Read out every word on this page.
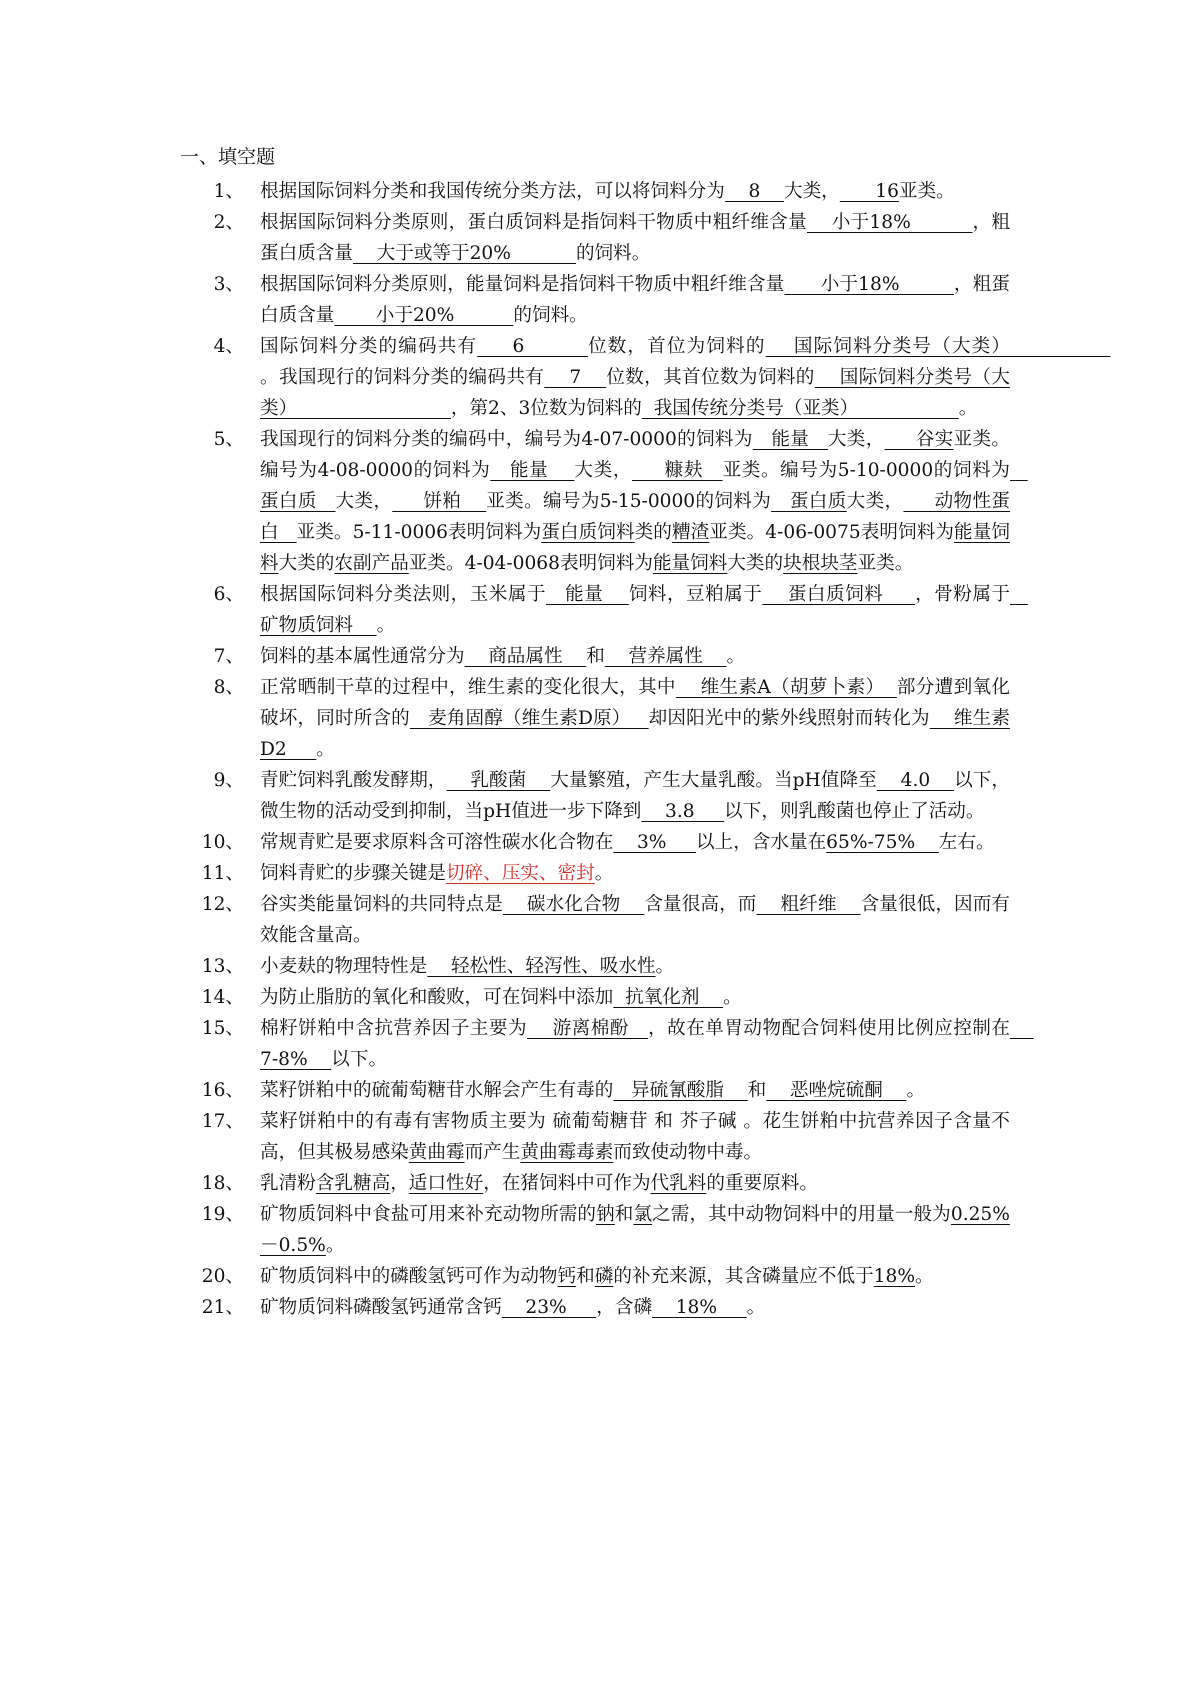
一、填空题
1、 根据国际饲料分类和我国传统分类方法，可以将饲料分为    8    大类，      16亚类。
2、 根据国际饲料分类原则，蛋白质饲料是指饲料干物质中粗纤维含量    小于18%          ，粗蛋白质含量    大于或等于20%           的饲料。
3、 根据国际饲料分类原则，能量饲料是指饲料干物质中粗纤维含量      小于18%         ，粗蛋白质含量       小于20%          的饲料。
4、 国际饲料分类的编码共有     6         位数，首位为饲料的    国际饲料分类号（大类）                 。我国现行的饲料分类的编码共有    7    位数，其首位数为饲料的    国际饲料分类号（大类）                          ，第2、3位数为饲料的  我国传统分类号（亚类）                 。
5、 我国现行的饲料分类的编码中，编号为4-07-0000的饲料为   能量   大类，     谷实亚类。编号为4-08-0000的饲料为   能量    大类，     糠麸   亚类。编号为5-10-0000的饲料为   蛋白质   大类，     饼粕    亚类。编号为5-15-0000的饲料为   蛋白质大类，     动物性蛋白   亚类。5-11-0006表明饲料为蛋白质饲料类的糟渣亚类。4-06-0075表明饲料为能量饲料大类的农副产品亚类。4-04-0068表明饲料为能量饲料大类的块根块茎亚类。
6、 根据国际饲料分类法则，玉米属于   能量    饲料，豆粕属于    蛋白质饲料     ，骨粉属于   矿物质饲料    。
7、 饲料的基本属性通常分为    商品属性    和    营养属性    。
8、 正常晒制干草的过程中，维生素的变化很大，其中    维生素A（胡萝卜素）  部分遭到氧化破坏，同时所含的   麦角固醇（维生素D原）   却因阳光中的紫外线照射而转化为    维生素D2     。
9、 青贮饲料乳酸发酵期，    乳酸菌    大量繁殖，产生大量乳酸。当pH值降至    4.0    以下，微生物的活动受到抑制，当pH值进一步下降到    3.8     以下，则乳酸菌也停止了活动。
10、 常规青贮是要求原料含可溶性碳水化合物在    3%     以上，含水量在65%-75%    左右。
11、 饲料青贮的步骤关键是切碎、压实、密封。
12、 谷实类能量饲料的共同特点是    碳水化合物    含量很高，而    粗纤维    含量很低，因而有效能含量高。
13、 小麦麸的物理特性是    轻松性、轻泻性、吸水性。
14、 为防止脂肪的氧化和酸败，可在饲料中添加  抗氧化剂    。
15、 棉籽饼粕中含抗营养因子主要为    游离棉酚   ，故在单胃动物配合饲料使用比例应控制在    7-8%    以下。
16、 菜籽饼粕中的硫葡萄糖苷水解会产生有毒的   异硫氰酸脂    和    恶唑烷硫酮    。
17、 菜籽饼粕中的有毒有害物质主要为 硫葡萄糖苷 和 芥子碱 。花生饼粕中抗营养因子含量不高，但其极易感染黄曲霉而产生黄曲霉毒素而致使动物中毒。
18、 乳清粉含乳糖高，适口性好，在猪饲料中可作为代乳料的重要原料。
19、 矿物质饲料中食盐可用来补充动物所需的钠和氯之需，其中动物饲料中的用量一般为0.25%－0.5%。
20、 矿物质饲料中的磷酸氢钙可作为动物钙和磷的补充来源，其含磷量应不低于18%。
21、 矿物质饲料磷酸氢钙通常含钙    23%     ，含磷    18%     。
